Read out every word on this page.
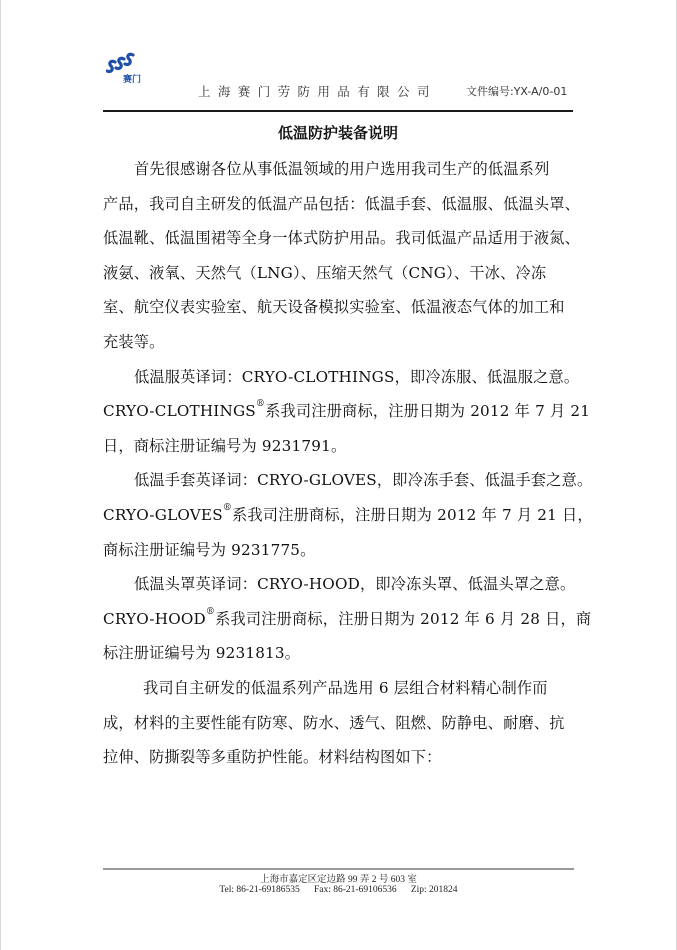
赛门
上海赛门劳防用品有限公司	文件编号:YX-A/0-01
低温防护装备说明
首先很感谢各位从事低温领域的用户选用我司生产的低温系列
产品，我司自主研发的低温产品包括：低温手套、低温服、低温头罩、
低温靴、低温围裙等全身一体式防护用品。我司低温产品适用于液氮、
液氨、液氧、天然气（LNG）、压缩天然气（CNG）、干冰、冷冻
室、航空仪表实验室、航天设备模拟实验室、低温液态气体的加工和
充装等。
低温服英译词：CRYO-CLOTHINGS，即冷冻服、低温服之意。
CRYO-CLOTHINGS®系我司注册商标，注册日期为 2012 年 7 月 21
日，商标注册证编号为 9231791。
低温手套英译词：CRYO-GLOVES，即冷冻手套、低温手套之意。
CRYO-GLOVES®系我司注册商标，注册日期为 2012 年 7 月 21 日，
商标注册证编号为 9231775。
低温头罩英译词：CRYO-HOOD，即冷冻头罩、低温头罩之意。
CRYO-HOOD®系我司注册商标，注册日期为 2012 年 6 月 28 日，商
标注册证编号为 9231813。
我司自主研发的低温系列产品选用 6 层组合材料精心制作而
成，材料的主要性能有防寒、防水、透气、阻燃、防静电、耐磨、抗
拉伸、防撕裂等多重防护性能。材料结构图如下：
上海市嘉定区定边路 99 弄 2 号 603 室
Tel: 86-21-69186535      Fax: 86-21-69106536      Zip: 201824
